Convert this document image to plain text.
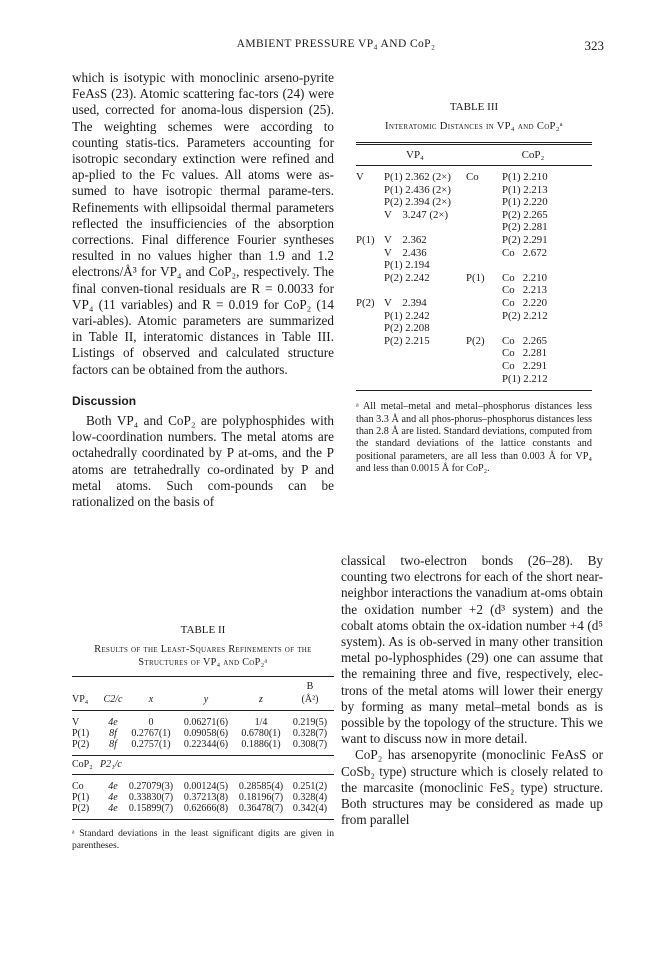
AMBIENT PRESSURE VP₄ AND CoP₂	323

which is isotypic with monoclinic arseno-pyrite FeAsS (23). Atomic scattering fac-tors (24) were used, corrected for anoma-lous dispersion (25). The weighting schemes were according to counting statis-tics. Parameters accounting for isotropic secondary extinction were refined and ap-plied to the Fc values. All atoms were as-sumed to have isotropic thermal parame-ters. Refinements with ellipsoidal thermal parameters reflected the insufficiencies of the absorption corrections. Final difference Fourier syntheses resulted in no values higher than 1.9 and 1.2 electrons/Å³ for VP₄ and CoP₂, respectively. The final conven-tional residuals are R = 0.0033 for VP₄ (11 variables) and R = 0.019 for CoP₂ (14 vari-ables). Atomic parameters are summarized in Table II, interatomic distances in Table III. Listings of observed and calculated structure factors can be obtained from the authors.

Discussion

Both VP₄ and CoP₂ are polyphosphides with low-coordination numbers. The metal atoms are octahedrally coordinated by P at-oms, and the P atoms are tetrahedrally co-ordinated by P and metal atoms. Such com-pounds can be rationalized on the basis of

TABLE II
Results of the Least-Squares Refinements of the Structures of VP₄ and CoP₂ᵃ
					B
VP₄	C2/c	x	y	z	(Å²)
V	4e	0	0.06271(6)	1/4	0.219(5)
P(1)	8f	0.2767(1)	0.09058(6)	0.6780(1)	0.328(7)
P(2)	8f	0.2757(1)	0.22344(6)	0.1886(1)	0.308(7)
CoP₂	P2₁/c
Co	4e	0.27079(3)	0.00124(5)	0.28585(4)	0.251(2)
P(1)	4e	0.33830(7)	0.37213(8)	0.18196(7)	0.328(4)
P(2)	4e	0.15899(7)	0.62666(8)	0.36478(7)	0.342(4)
ᵃ Standard deviations in the least significant digits are given in parentheses.
TABLE III
Interatomic Distances in VP₄ and CoP₂ᵃ
VP₄	CoP₂
V	P(1) 2.362 (2×)	Co	P(1) 2.210
	P(1) 2.436 (2×)		P(1) 2.213
	P(2) 2.394 (2×)		P(1) 2.220
	V    3.247 (2×)		P(2) 2.265
			P(2) 2.281
P(1)	V    2.362		P(2) 2.291
	V    2.436		Co   2.672
	P(1) 2.194		
	P(2) 2.242	P(1)	Co   2.210
			Co   2.213
P(2)	V    2.394		Co   2.220
	P(1) 2.242		P(2) 2.212
	P(2) 2.208		
	P(2) 2.215	P(2)	Co   2.265
			Co   2.281
			Co   2.291
			P(1) 2.212
ᵃ All metal–metal and metal–phosphorus distances less than 3.3 Å and all phos-phorus–phosphorus distances less than 2.8 Å are listed. Standard deviations, computed from the standard deviations of the lattice constants and positional parameters, are all less than 0.003 Å for VP₄ and less than 0.0015 Å for CoP₂.

classical two-electron bonds (26–28). By counting two electrons for each of the short near-neighbor interactions the vanadium at-oms obtain the oxidation number +2 (d³ system) and the cobalt atoms obtain the ox-idation number +4 (d⁵ system). As is ob-served in many other transition metal po-lyphosphides (29) one can assume that the remaining three and five, respectively, elec-trons of the metal atoms will lower their energy by forming as many metal–metal bonds as is possible by the topology of the structure. This we want to discuss now in more detail.

CoP₂ has arsenopyrite (monoclinic FeAsS or CoSb₂ type) structure which is closely related to the marcasite (monoclinic FeS₂ type) structure. Both structures may be considered as made up from parallel
